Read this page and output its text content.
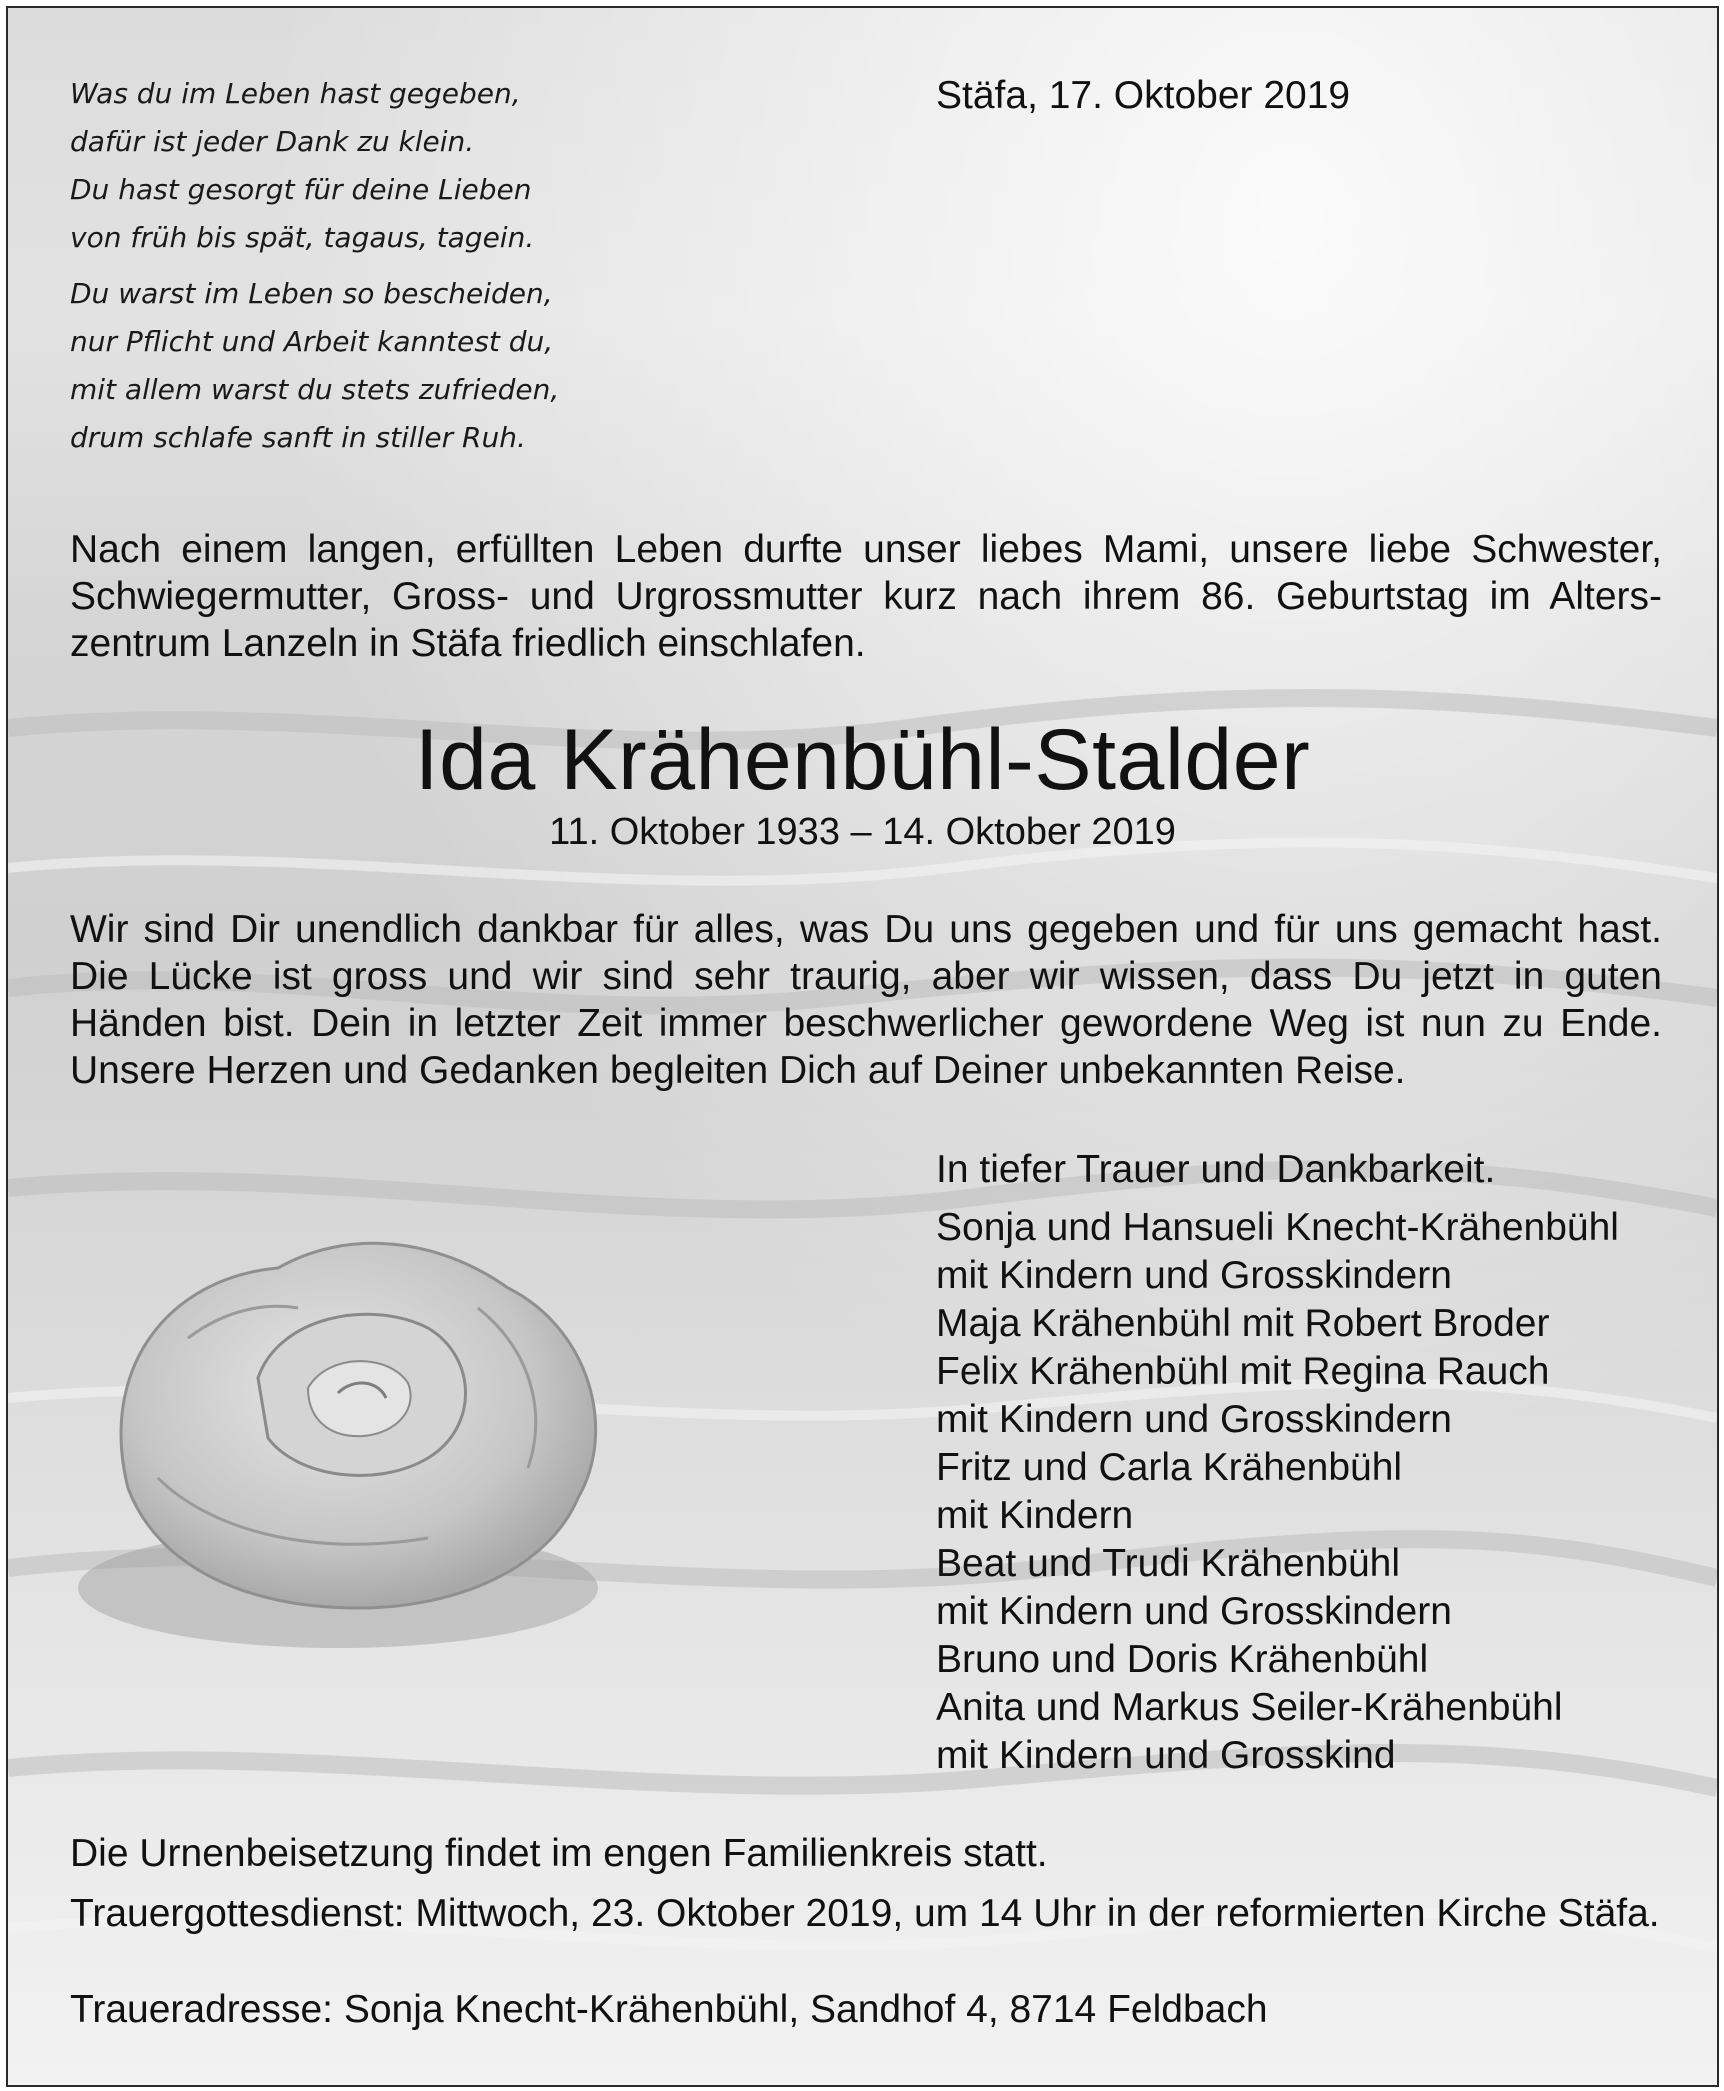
Was du im Leben hast gegeben,
dafür ist jeder Dank zu klein.
Du hast gesorgt für deine Lieben
von früh bis spät, tagaus, tagein.
Du warst im Leben so bescheiden,
nur Pflicht und Arbeit kanntest du,
mit allem warst du stets zufrieden,
drum schlafe sanft in stiller Ruh.
Stäfa, 17. Oktober 2019
Nach einem langen, erfüllten Leben durfte unser liebes Mami, unsere liebe Schwester,
Schwiegermutter, Gross- und Urgrossmutter kurz nach ihrem 86. Geburtstag im Alters-
zentrum Lanzeln in Stäfa friedlich einschlafen.
Ida Krähenbühl-Stalder
11. Oktober 1933 – 14. Oktober 2019
Wir sind Dir unendlich dankbar für alles, was Du uns gegeben und für uns gemacht hast.
Die Lücke ist gross und wir sind sehr traurig, aber wir wissen, dass Du jetzt in guten
Händen bist. Dein in letzter Zeit immer beschwerlicher gewordene Weg ist nun zu Ende.
Unsere Herzen und Gedanken begleiten Dich auf Deiner unbekannten Reise.
In tiefer Trauer und Dankbarkeit.
Sonja und Hansueli Knecht-Krähenbühl
mit Kindern und Grosskindern
Maja Krähenbühl mit Robert Broder
Felix Krähenbühl mit Regina Rauch
mit Kindern und Grosskindern
Fritz und Carla Krähenbühl
mit Kindern
Beat und Trudi Krähenbühl
mit Kindern und Grosskindern
Bruno und Doris Krähenbühl
Anita und Markus Seiler-Krähenbühl
mit Kindern und Grosskind
Die Urnenbeisetzung findet im engen Familienkreis statt.
Trauergottesdienst: Mittwoch, 23. Oktober 2019, um 14 Uhr in der reformierten Kirche Stäfa.
Traueradresse: Sonja Knecht-Krähenbühl, Sandhof 4, 8714 Feldbach
